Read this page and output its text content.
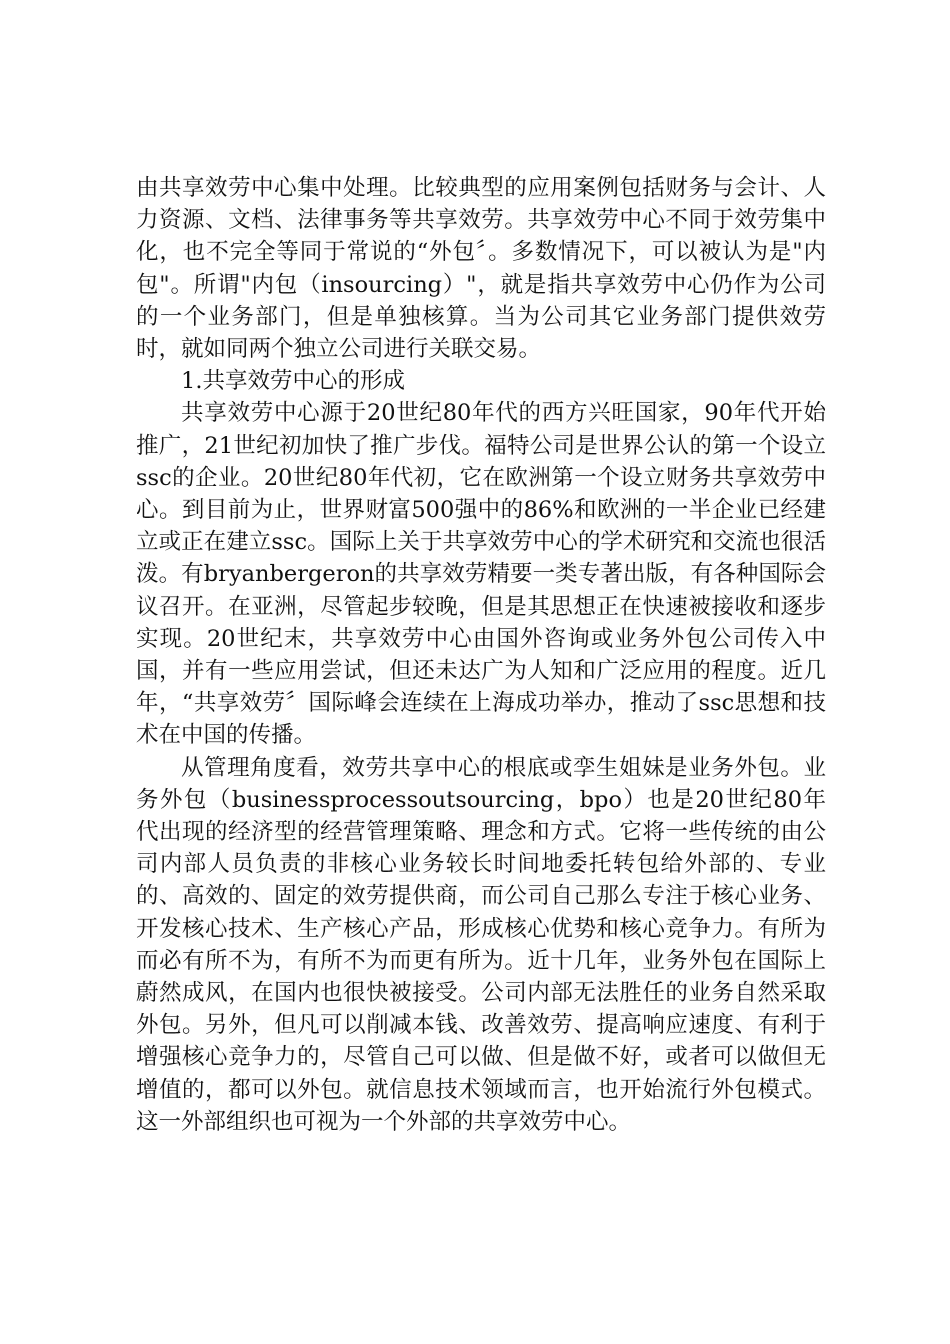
由共享效劳中心集中处理。比较典型的应用案例包括财务与会计、人力资源、文档、法律事务等共享效劳。共享效劳中心不同于效劳集中化，也不完全等同于常说的“外包〞。多数情况下，可以被认为是"内包"。所谓"内包（insourcing）"，就是指共享效劳中心仍作为公司的一个业务部门，但是单独核算。当为公司其它业务部门提供效劳时，就如同两个独立公司进行关联交易。

1.共享效劳中心的形成

共享效劳中心源于20世纪80年代的西方兴旺国家，90年代开始推广，21世纪初加快了推广步伐。福特公司是世界公认的第一个设立ssc的企业。20世纪80年代初，它在欧洲第一个设立财务共享效劳中心。到目前为止，世界财富500强中的86%和欧洲的一半企业已经建立或正在建立ssc。国际上关于共享效劳中心的学术研究和交流也很活泼。有bryanbergeron的共享效劳精要一类专著出版，有各种国际会议召开。在亚洲，尽管起步较晚，但是其思想正在快速被接收和逐步实现。20世纪末，共享效劳中心由国外咨询或业务外包公司传入中国，并有一些应用尝试，但还未达广为人知和广泛应用的程度。近几年，“共享效劳〞国际峰会连续在上海成功举办，推动了ssc思想和技术在中国的传播。

从管理角度看，效劳共享中心的根底或孪生姐妹是业务外包。业务外包（businessprocessoutsourcing，bpo）也是20世纪80年代出现的经济型的经营管理策略、理念和方式。它将一些传统的由公司内部人员负责的非核心业务较长时间地委托转包给外部的、专业的、高效的、固定的效劳提供商，而公司自己那么专注于核心业务、开发核心技术、生产核心产品，形成核心优势和核心竞争力。有所为而必有所不为，有所不为而更有所为。近十几年，业务外包在国际上蔚然成风，在国内也很快被接受。公司内部无法胜任的业务自然采取外包。另外，但凡可以削减本钱、改善效劳、提高响应速度、有利于增强核心竞争力的，尽管自己可以做、但是做不好，或者可以做但无增值的，都可以外包。就信息技术领域而言，也开始流行外包模式。这一外部组织也可视为一个外部的共享效劳中心。
